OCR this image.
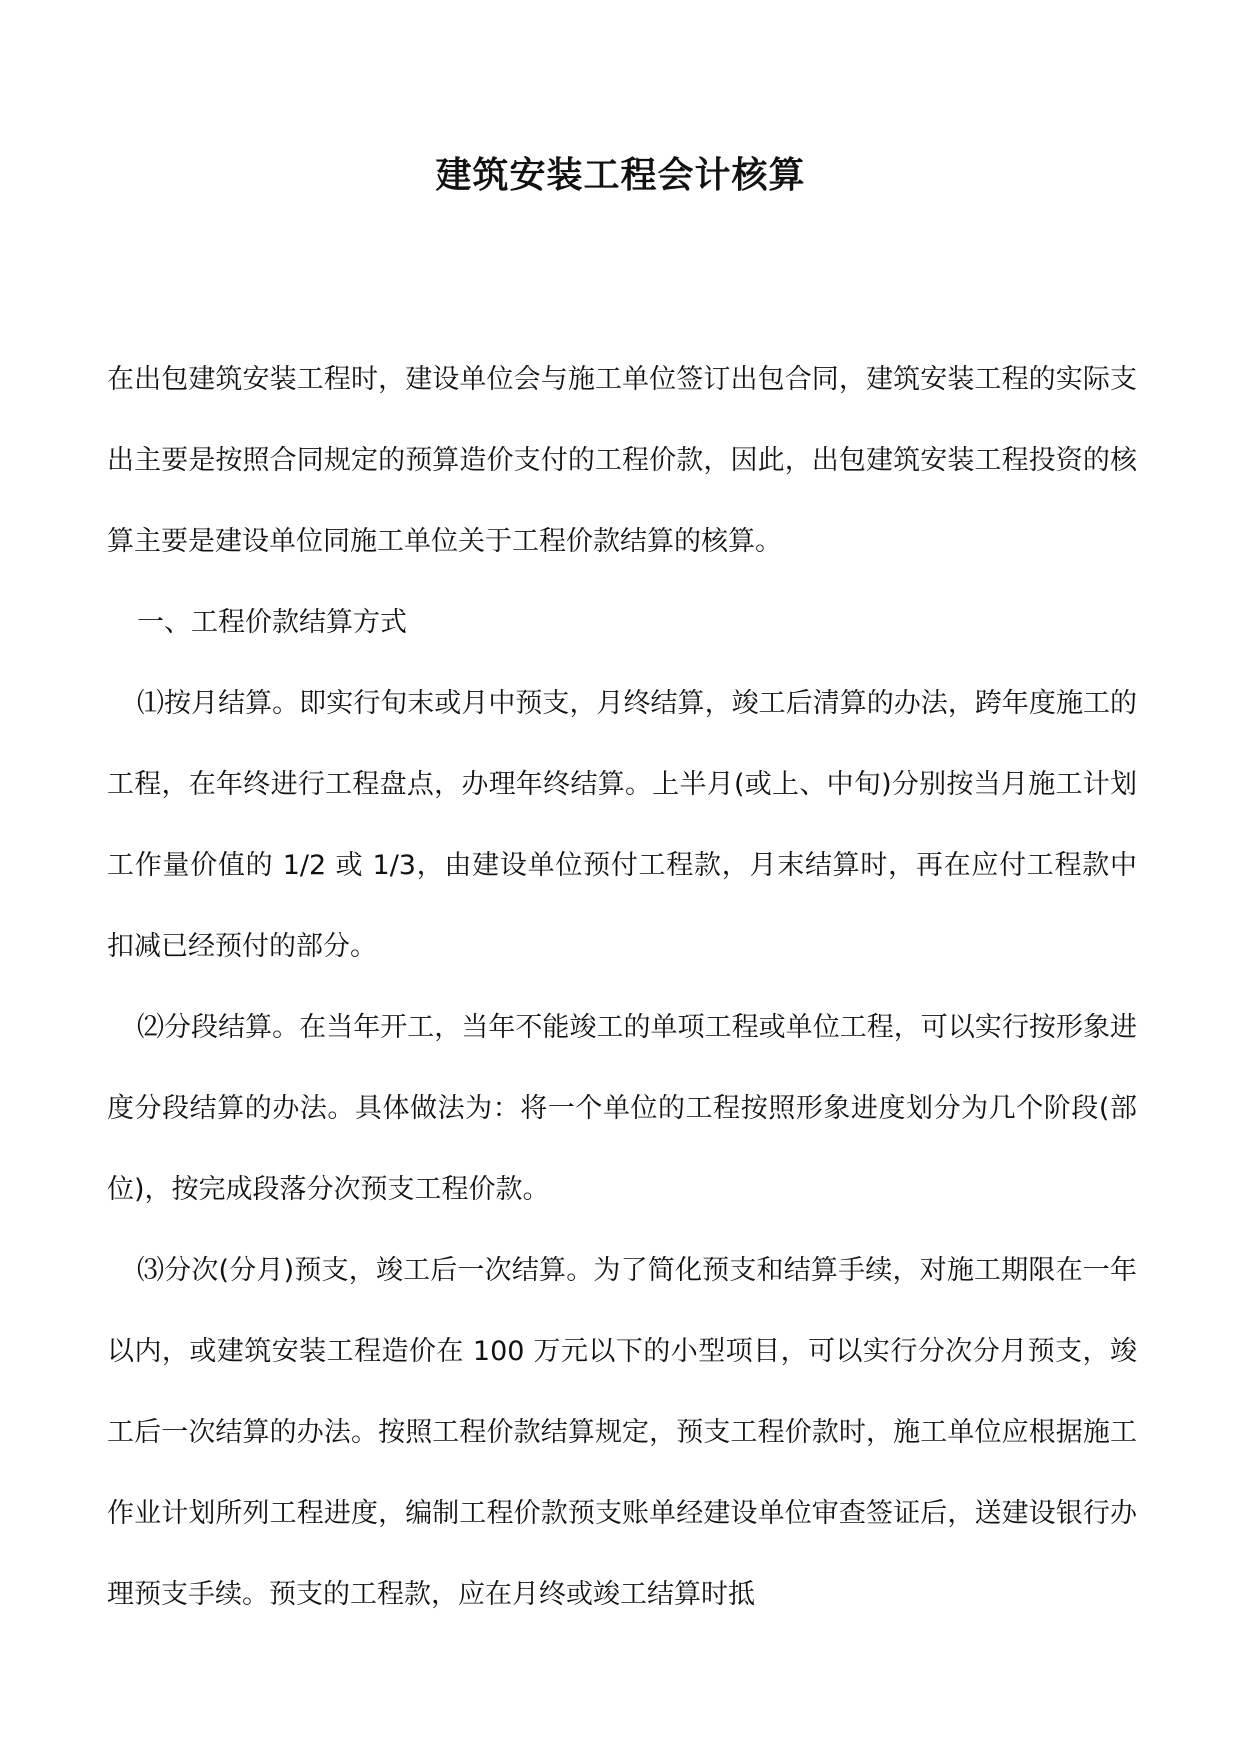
建筑安装工程会计核算

在出包建筑安装工程时，建设单位会与施工单位签订出包合同，建筑安装工程的实际支出主要是按照合同规定的预算造价支付的工程价款，因此，出包建筑安装工程投资的核算主要是建设单位同施工单位关于工程价款结算的核算。

一、工程价款结算方式

⑴按月结算。即实行旬末或月中预支，月终结算，竣工后清算的办法，跨年度施工的工程，在年终进行工程盘点，办理年终结算。上半月(或上、中旬)分别按当月施工计划工作量价值的 1/2 或 1/3，由建设单位预付工程款，月末结算时，再在应付工程款中扣减已经预付的部分。

⑵分段结算。在当年开工，当年不能竣工的单项工程或单位工程，可以实行按形象进度分段结算的办法。具体做法为：将一个单位的工程按照形象进度划分为几个阶段(部位)，按完成段落分次预支工程价款。

⑶分次(分月)预支，竣工后一次结算。为了简化预支和结算手续，对施工期限在一年以内，或建筑安装工程造价在 100 万元以下的小型项目，可以实行分次分月预支，竣工后一次结算的办法。按照工程价款结算规定，预支工程价款时，施工单位应根据施工作业计划所列工程进度，编制工程价款预支账单经建设单位审查签证后，送建设银行办理预支手续。预支的工程款，应在月终或竣工结算时抵
